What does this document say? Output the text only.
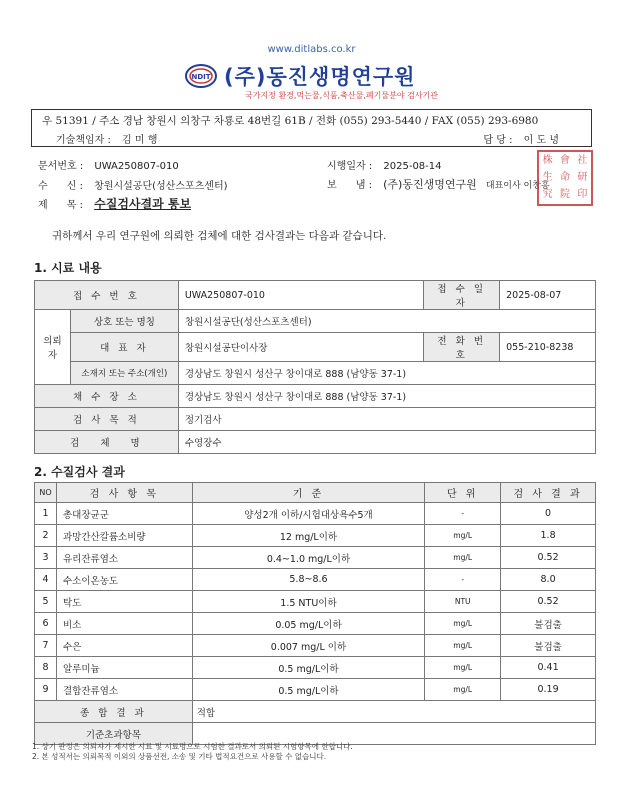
www.ditlabs.co.kr
NDIT (주)동진생명연구원
국가지정 환경,먹는물,식품,축산물,폐기물분야 검사기관
우 51391 / 주소 경남 창원시 의창구 차룡로 48번길 61B / 전화 (055) 293-5440 / FAX (055) 293-6980
기술책임자 : 김 미 행	담 당 : 이 도 녕
문서번호 : UWA250807-010	시행일자 : 2025-08-14
수      신 : 창원시설공단(성산스포츠센터)	보      냄 : (주)동진생명연구원 대표이사 이창흥
제      목 : 수질검사결과 통보
株 會 社
生 命 研
究 院 印
귀하께서 우리 연구원에 의뢰한 검체에 대한 검사결과는 다음과 같습니다.
1. 시료 내용
접 수 번 호		UWA250807-010	접 수 일 자	2025-08-07
의뢰자	상호 또는 명칭	창원시설공단(성산스포츠센터)		
	대 표 자	창원시설공단이사장	전 화 번 호	055-210-8238
	소재지 또는 주소(개인)	경상남도 창원시 성산구 창이대로 888 (남양동 37-1)		
채 수 장 소		경상남도 창원시 성산구 창이대로 888 (남양동 37-1)		
검 사 목 적		정기검사		
검   체   명		수영장수		
2. 수질검사 결과
NO	검 사 항 목	기 준	단 위	검 사 결 과
1	총대장균군	양성2개 이하/시험대상욕수5개	-	0
2	과망간산칼륨소비량	12 mg/L이하	mg/L	1.8
3	유리잔류염소	0.4~1.0 mg/L이하	mg/L	0.52
4	수소이온농도	5.8~8.6	-	8.0
5	탁도	1.5 NTU이하	NTU	0.52
6	비소	0.05 mg/L이하	mg/L	불검출
7	수은	0.007 mg/L 이하	mg/L	불검출
8	알루미늄	0.5 mg/L이하	mg/L	0.41
9	결합잔류염소	0.5 mg/L이하	mg/L	0.19
종 합 결 과		적합		
기준초과항목				
1. 상기 판정은 의뢰자가 제시한 시료 및 시료명으로 시험한 결과로서 의뢰된 시험항목에 한합니다.
2. 본 성적서는 의뢰목적 이외의 상품선전, 소송 및 기타 법적요건으로 사용할 수 없습니다.
